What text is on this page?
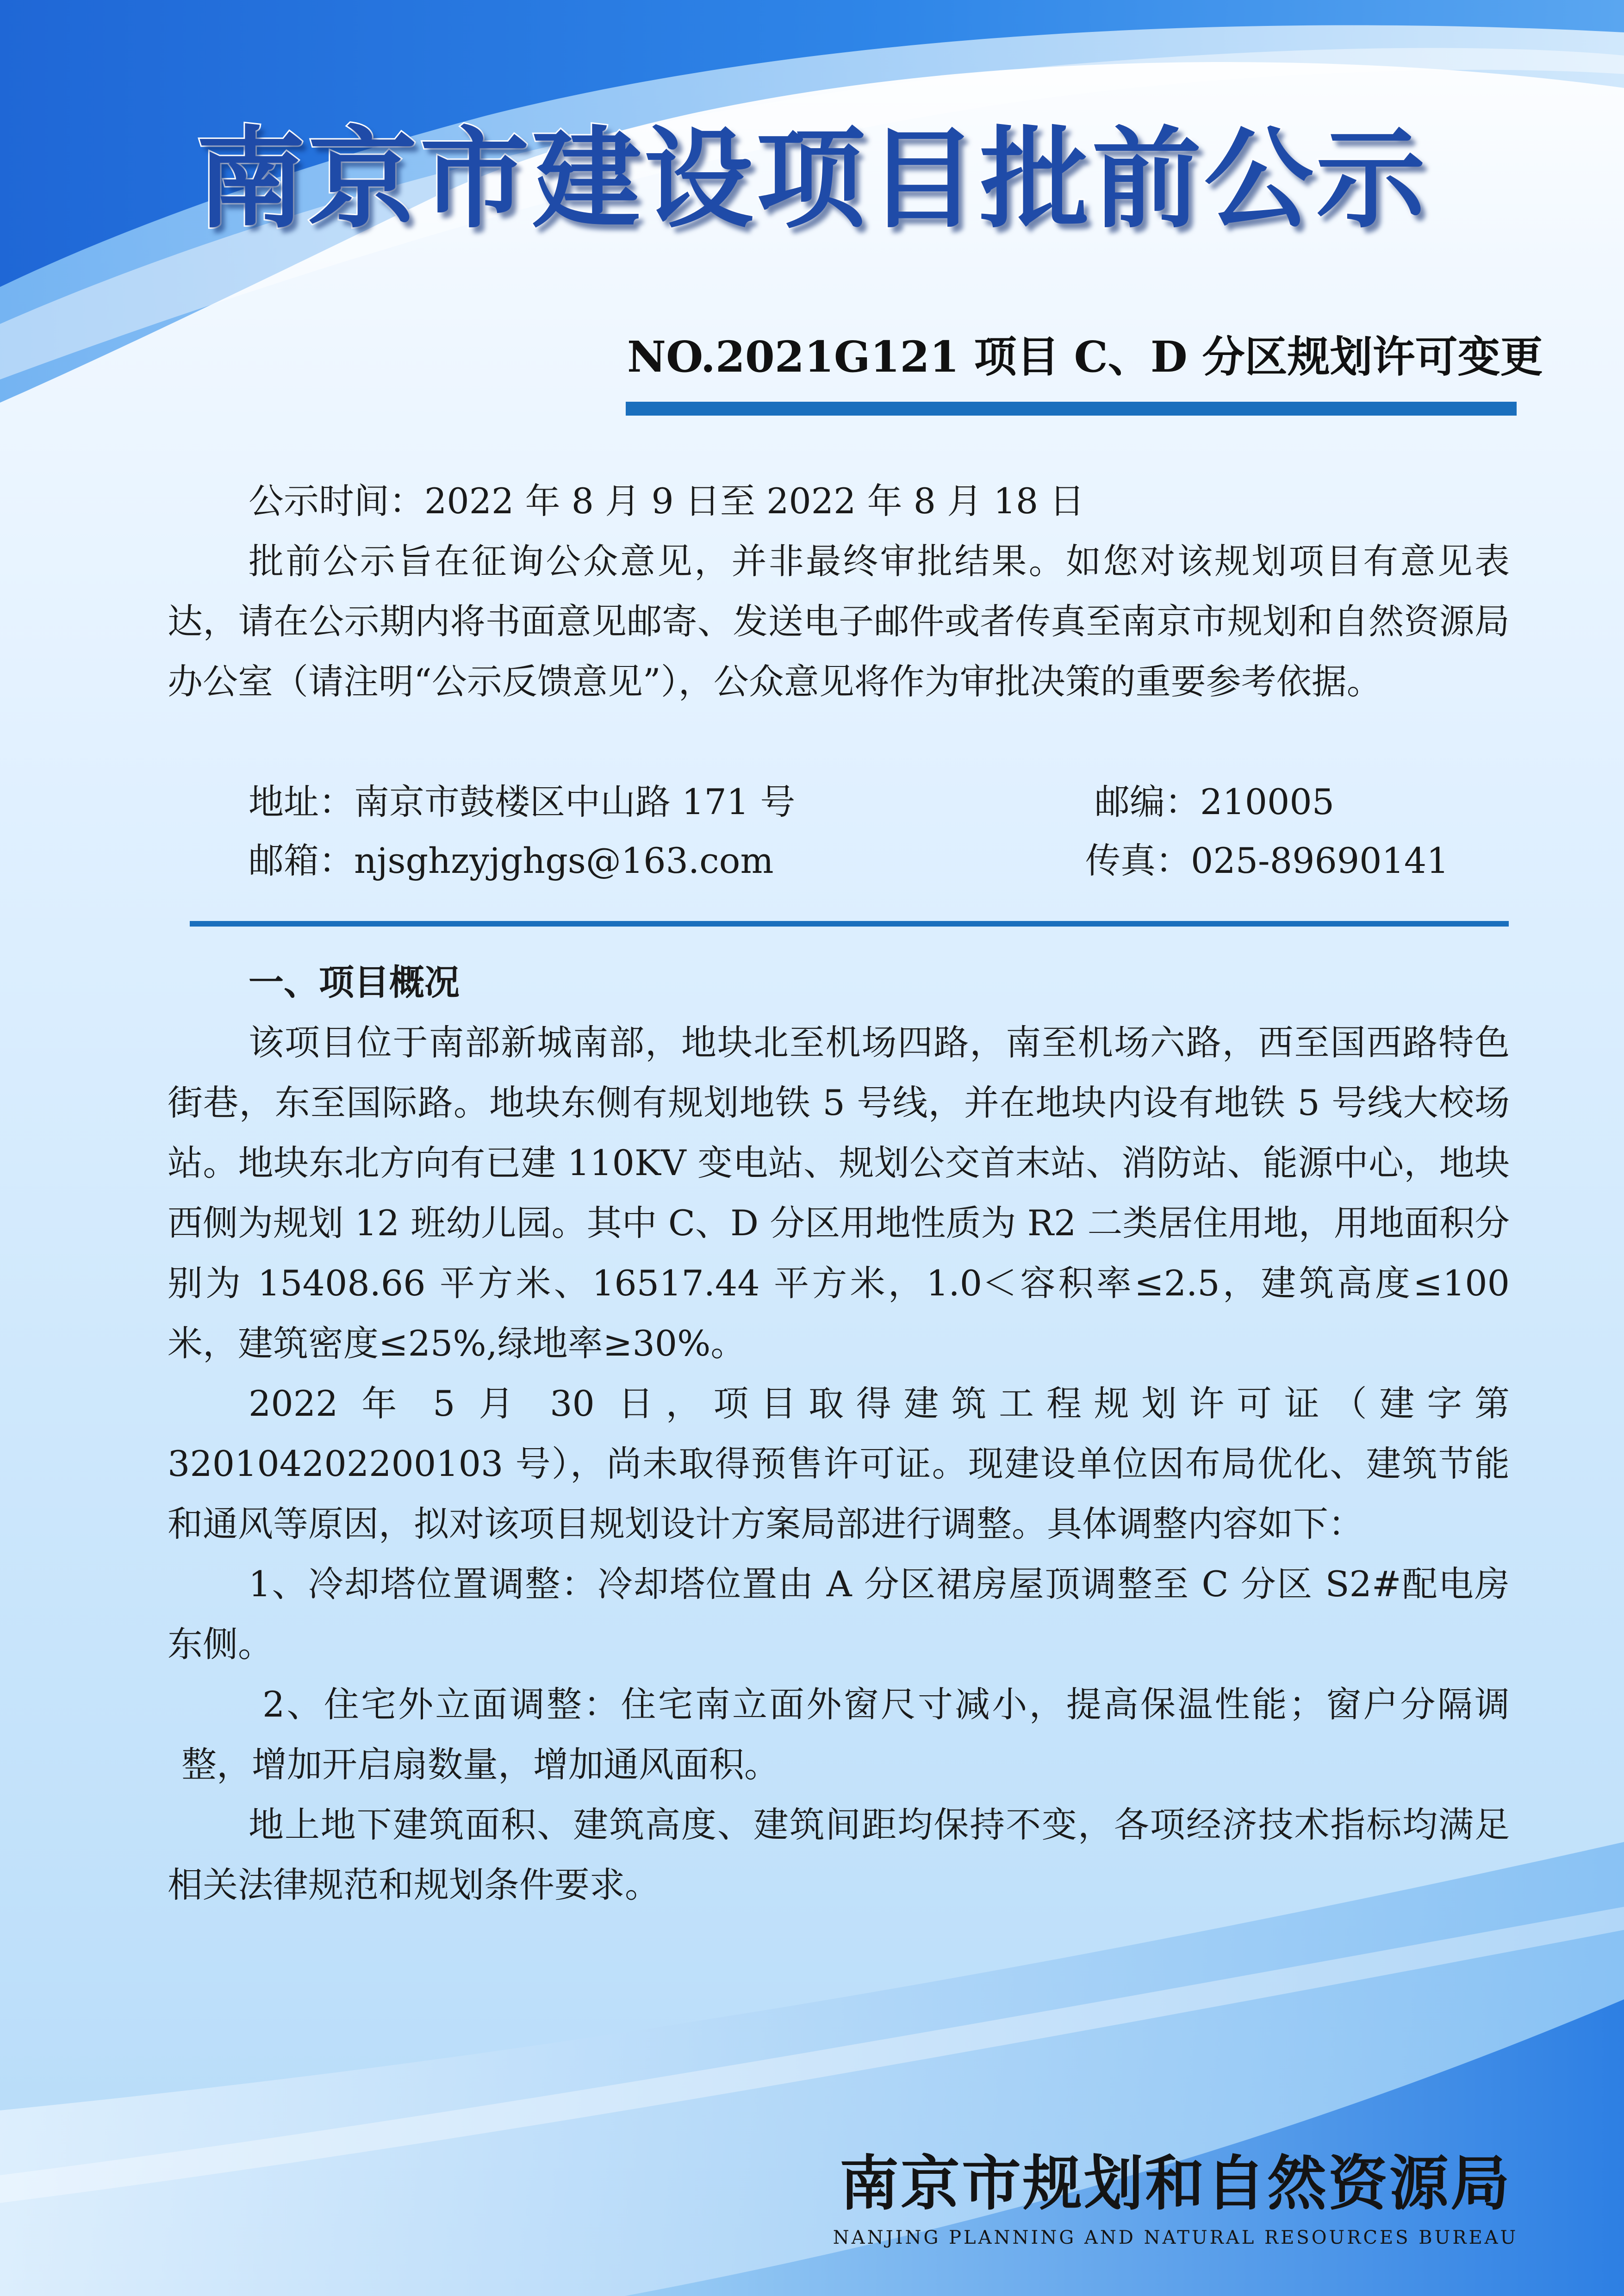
南京市建设项目批前公示
NO.2021G121 项目 C、D 分区规划许可变更

公示时间：2022 年 8 月 9 日至 2022 年 8 月 18 日

批前公示旨在征询公众意见，并非最终审批结果。如您对该规划项目有意见表达，请在公示期内将书面意见邮寄、发送电子邮件或者传真至南京市规划和自然资源局办公室（请注明“公示反馈意见”），公众意见将作为审批决策的重要参考依据。

地址：南京市鼓楼区中山路 171 号	邮编：210005
邮箱：njsghzyjghgs@163.com	传真：025-89690141
一、项目概况

该项目位于南部新城南部，地块北至机场四路，南至机场六路，西至国西路特色街巷，东至国际路。地块东侧有规划地铁 5 号线，并在地块内设有地铁 5 号线大校场站。地块东北方向有已建 110KV 变电站、规划公交首末站、消防站、能源中心，地块西侧为规划 12 班幼儿园。其中 C、D 分区用地性质为 R2 二类居住用地，用地面积分别为 15408.66 平方米、16517.44 平方米，1.0＜容积率≤2.5，建筑高度≤100 米，建筑密度≤25%,绿地率≥30%。

2022 年 5 月 30 日，项目取得建筑工程规划许可证（建字第 320104202200103 号），尚未取得预售许可证。现建设单位因布局优化、建筑节能和通风等原因，拟对该项目规划设计方案局部进行调整。具体调整内容如下：

1、冷却塔位置调整：冷却塔位置由 A 分区裙房屋顶调整至 C 分区 S2#配电房东侧。

2、住宅外立面调整：住宅南立面外窗尺寸减小，提高保温性能；窗户分隔调整，增加开启扇数量，增加通风面积。

地上地下建筑面积、建筑高度、建筑间距均保持不变，各项经济技术指标均满足相关法律规范和规划条件要求。

南京市规划和自然资源局
NANJING PLANNING AND NATURAL RESOURCES BUREAU
